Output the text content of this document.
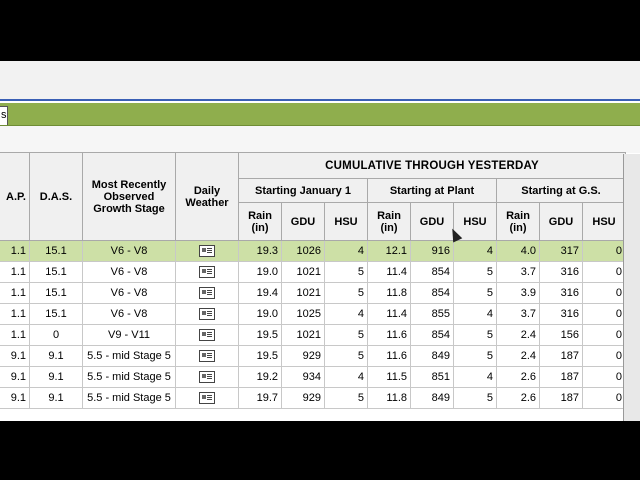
s
A.P.	D.A.S.	Most Recently Observed Growth Stage	Daily Weather	CUMULATIVE THROUGH YESTERDAY								
				Starting January 1			Starting at Plant			Starting at G.S.		
				Rain (in)	GDU	HSU	Rain (in)	GDU	HSU	Rain (in)	GDU	HSU
1.1	15.1	V6 - V8		19.3	1026	4	12.1	916	4	4.0	317	0
1.1	15.1	V6 - V8		19.0	1021	5	11.4	854	5	3.7	316	0
1.1	15.1	V6 - V8		19.4	1021	5	11.8	854	5	3.9	316	0
1.1	15.1	V6 - V8		19.0	1025	4	11.4	855	4	3.7	316	0
1.1	0	V9 - V11		19.5	1021	5	11.6	854	5	2.4	156	0
9.1	9.1	5.5 - mid Stage 5		19.5	929	5	11.6	849	5	2.4	187	0
9.1	9.1	5.5 - mid Stage 5		19.2	934	4	11.5	851	4	2.6	187	0
9.1	9.1	5.5 - mid Stage 5		19.7	929	5	11.8	849	5	2.6	187	0
